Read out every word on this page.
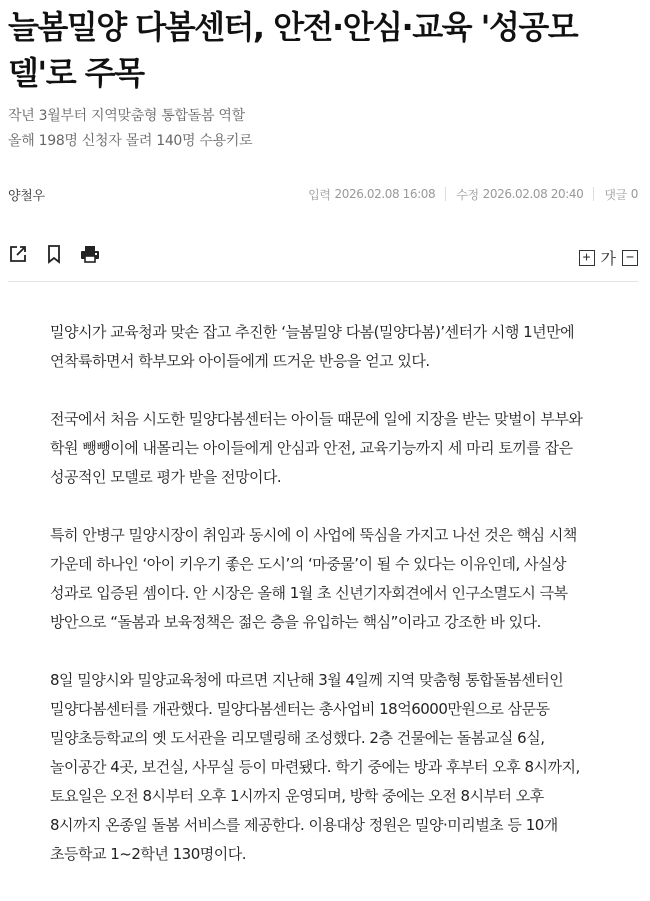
늘봄밀양 다봄센터, 안전·안심·교육 '성공모델'로 주목

작년 3월부터 지역맞춤형 통합돌봄 역할

올해 198명 신청자 몰려 140명 수용키로

양철우	입력 2026.02.08 16:08 수정 2026.02.08 20:40 댓글 0
+ 가 −

밀양시가 교육청과 맞손 잡고 추진한 ‘늘봄밀양 다봄(밀양다봄)’센터가 시행 1년만에 연착륙하면서 학부모와 아이들에게 뜨거운 반응을 얻고 있다.

전국에서 처음 시도한 밀양다봄센터는 아이들 때문에 일에 지장을 받는 맞벌이 부부와 학원 뺑뺑이에 내몰리는 아이들에게 안심과 안전, 교육기능까지 세 마리 토끼를 잡은 성공적인 모델로 평가 받을 전망이다.

특히 안병구 밀양시장이 취임과 동시에 이 사업에 뚝심을 가지고 나선 것은 핵심 시책 가운데 하나인 ‘아이 키우기 좋은 도시’의 ‘마중물’이 될 수 있다는 이유인데, 사실상 성과로 입증된 셈이다. 안 시장은 올해 1월 초 신년기자회견에서 인구소멸도시 극복 방안으로 “돌봄과 보육정책은 젊은 층을 유입하는 핵심”이라고 강조한 바 있다.

8일 밀양시와 밀양교육청에 따르면 지난해 3월 4일께 지역 맞춤형 통합돌봄센터인 밀양다봄센터를 개관했다. 밀양다봄센터는 총사업비 18억6000만원으로 삼문동 밀양초등학교의 옛 도서관을 리모델링해 조성했다. 2층 건물에는 돌봄교실 6실, 놀이공간 4곳, 보건실, 사무실 등이 마련됐다. 학기 중에는 방과 후부터 오후 8시까지, 토요일은 오전 8시부터 오후 1시까지 운영되며, 방학 중에는 오전 8시부터 오후 8시까지 온종일 돌봄 서비스를 제공한다. 이용대상 정원은 밀양·미리벌초 등 10개 초등학교 1~2학년 130명이다.
